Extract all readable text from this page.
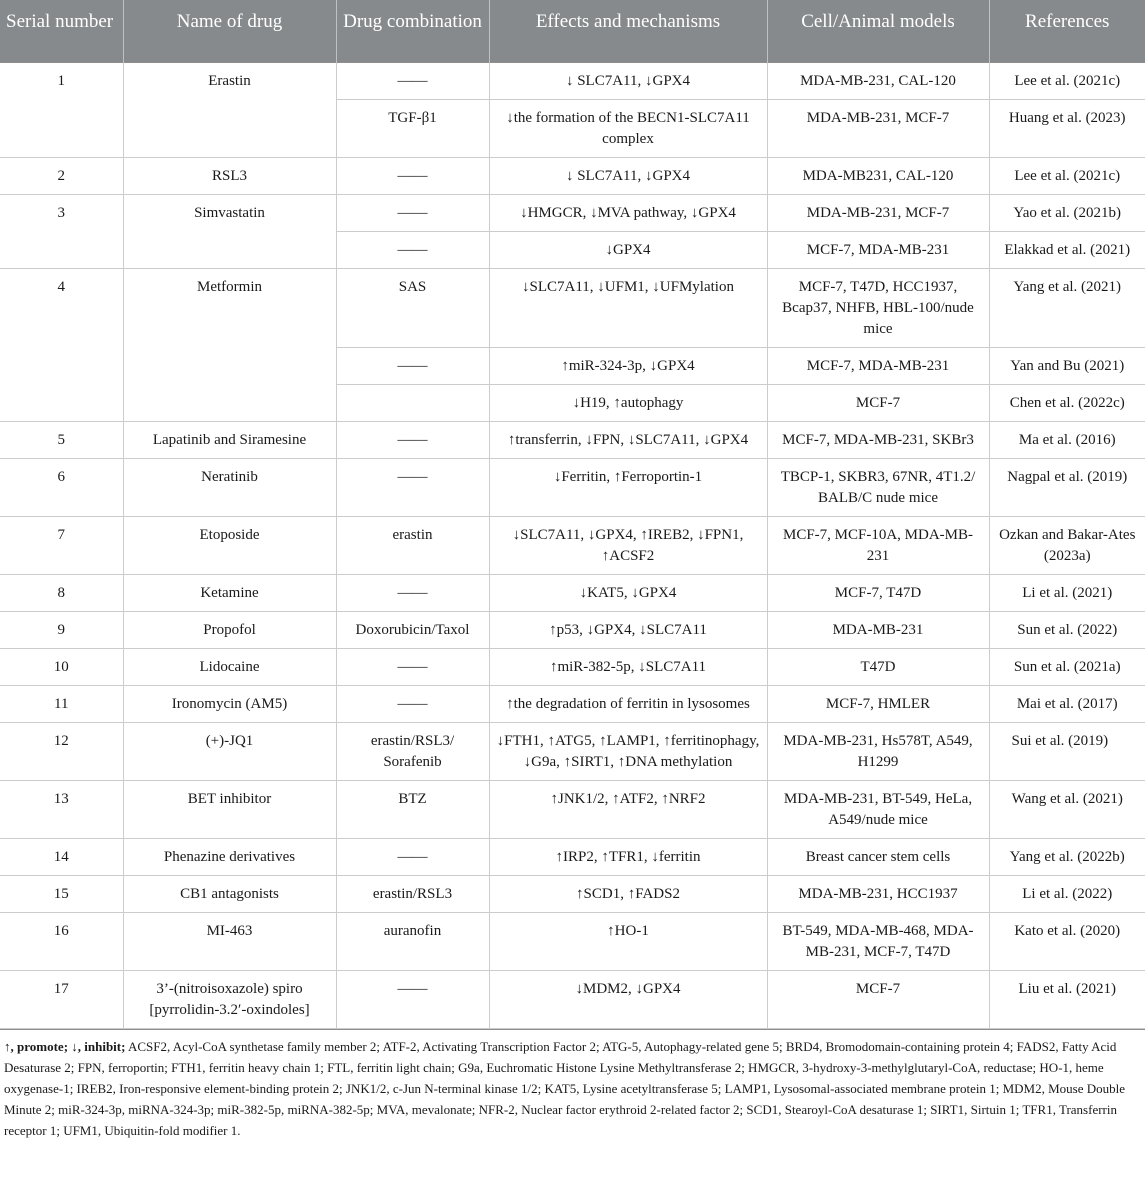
Serial number	Name of drug	Drug combination	Effects and mechanisms	Cell/Animal models	References
1	Erastin	——	↓ SLC7A11, ↓GPX4	MDA-MB-231, CAL-120	Lee et al. (2021c)
		TGF-β1	↓the formation of the BECN1-SLC7A11 complex	MDA-MB-231, MCF-7	Huang et al. (2023)
2	RSL3	——	↓ SLC7A11, ↓GPX4	MDA-MB231, CAL-120	Lee et al. (2021c)
3	Simvastatin	——	↓HMGCR, ↓MVA pathway, ↓GPX4	MDA-MB-231, MCF-7	Yao et al. (2021b)
		——	↓GPX4	MCF-7, MDA-MB-231	Elakkad et al. (2021)
4	Metformin	SAS	↓SLC7A11, ↓UFM1, ↓UFMylation	MCF-7, T47D, HCC1937, Bcap37, NHFB, HBL-100/nude mice	Yang et al. (2021)
		——	↑miR-324-3p, ↓GPX4	MCF-7, MDA-MB-231	Yan and Bu (2021)
			↓H19, ↑autophagy	MCF-7	Chen et al. (2022c)
5	Lapatinib and Siramesine	——	↑transferrin, ↓FPN, ↓SLC7A11, ↓GPX4	MCF-7, MDA-MB-231, SKBr3	Ma et al. (2016)
6	Neratinib	——	↓Ferritin, ↑Ferroportin-1	TBCP-1, SKBR3, 67NR, 4T1.2/ BALB/C nude mice	Nagpal et al. (2019)
7	Etoposide	erastin	↓SLC7A11, ↓GPX4, ↑IREB2, ↓FPN1, ↑ACSF2	MCF-7, MCF-10A, MDA-MB-231	Ozkan and Bakar-Ates (2023a)
8	Ketamine	——	↓KAT5, ↓GPX4	MCF-7, T47D	Li et al. (2021)
9	Propofol	Doxorubicin/Taxol	↑p53, ↓GPX4, ↓SLC7A11	MDA-MB-231	Sun et al. (2022)
10	Lidocaine	——	↑miR-382-5p, ↓SLC7A11	T47D	Sun et al. (2021a)
11	Ironomycin (AM5)	——	↑the degradation of ferritin in lysosomes	MCF-7, HMLER	Mai et al. (2017)
12	(+)-JQ1	erastin/RSL3/ Sorafenib	↓FTH1, ↑ATG5, ↑LAMP1, ↑ferritinophagy, ↓G9a, ↑SIRT1, ↑DNA methylation	MDA-MB-231, Hs578T, A549, H1299	Sui et al. (2019)
13	BET inhibitor	BTZ	↑JNK1/2, ↑ATF2, ↑NRF2	MDA-MB-231, BT-549, HeLa, A549/nude mice	Wang et al. (2021)
14	Phenazine derivatives	——	↑IRP2, ↑TFR1, ↓ferritin	Breast cancer stem cells	Yang et al. (2022b)
15	CB1 antagonists	erastin/RSL3	↑SCD1, ↑FADS2	MDA-MB-231, HCC1937	Li et al. (2022)
16	MI-463	auranofin	↑HO-1	BT-549, MDA-MB-468, MDA-MB-231, MCF-7, T47D	Kato et al. (2020)
17	3’-(nitroisoxazole) spiro [pyrrolidin-3.2′-oxindoles]	——	↓MDM2, ↓GPX4	MCF-7	Liu et al. (2021)
↑, promote; ↓, inhibit; ACSF2, Acyl-CoA synthetase family member 2; ATF-2, Activating Transcription Factor 2; ATG-5, Autophagy-related gene 5; BRD4, Bromodomain-containing protein 4; FADS2, Fatty Acid Desaturase 2; FPN, ferroportin; FTH1, ferritin heavy chain 1; FTL, ferritin light chain; G9a, Euchromatic Histone Lysine Methyltransferase 2; HMGCR, 3-hydroxy-3-methylglutaryl-CoA, reductase; HO-1, heme oxygenase-1; IREB2, Iron-responsive element-binding protein 2; JNK1/2, c-Jun N-terminal kinase 1/2; KAT5, Lysine acetyltransferase 5; LAMP1, Lysosomal-associated membrane protein 1; MDM2, Mouse Double Minute 2; miR-324-3p, miRNA-324-3p; miR-382-5p, miRNA-382-5p; MVA, mevalonate; NFR-2, Nuclear factor erythroid 2-related factor 2; SCD1, Stearoyl-CoA desaturase 1; SIRT1, Sirtuin 1; TFR1, Transferrin receptor 1; UFM1, Ubiquitin-fold modifier 1.
